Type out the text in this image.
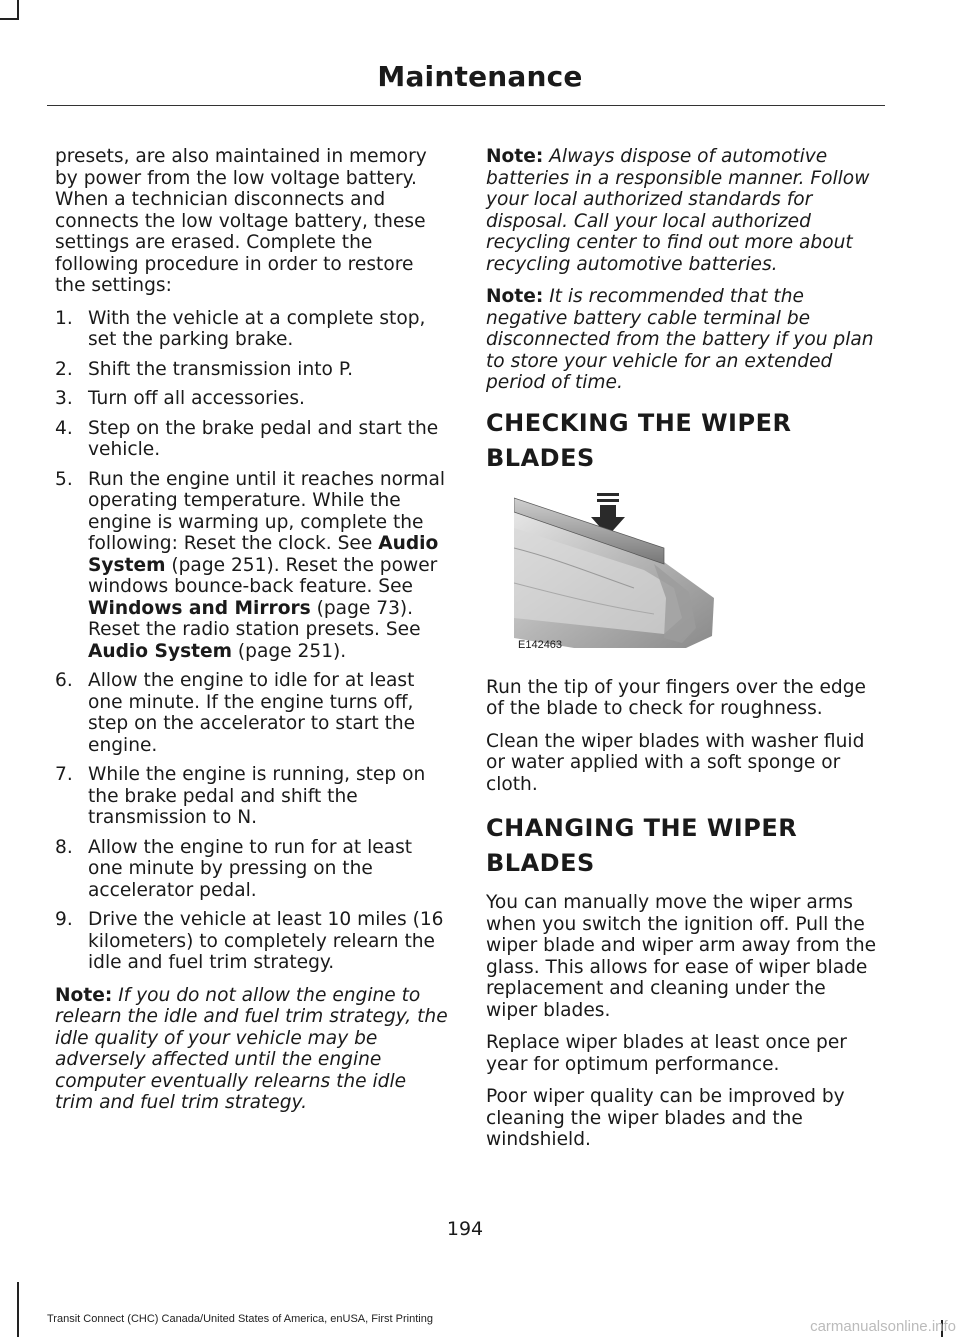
Maintenance

presets, are also maintained in memory by power from the low voltage battery. When a technician disconnects and connects the low voltage battery, these settings are erased. Complete the following procedure in order to restore the settings:

1. With the vehicle at a complete stop, set the parking brake.
2. Shift the transmission into P.
3. Turn off all accessories.
4. Step on the brake pedal and start the vehicle.
5. Run the engine until it reaches normal operating temperature. While the engine is warming up, complete the following: Reset the clock. See Audio System (page 251). Reset the power windows bounce-back feature. See Windows and Mirrors (page 73). Reset the radio station presets. See Audio System (page 251).
6. Allow the engine to idle for at least one minute. If the engine turns off, step on the accelerator to start the engine.
7. While the engine is running, step on the brake pedal and shift the transmission to N.
8. Allow the engine to run for at least one minute by pressing on the accelerator pedal.
9. Drive the vehicle at least 10 miles (16 kilometers) to completely relearn the idle and fuel trim strategy.

Note: If you do not allow the engine to relearn the idle and fuel trim strategy, the idle quality of your vehicle may be adversely affected until the engine computer eventually relearns the idle trim and fuel trim strategy.

Note: Always dispose of automotive batteries in a responsible manner. Follow your local authorized standards for disposal. Call your local authorized recycling center to find out more about recycling automotive batteries.

Note: It is recommended that the negative battery cable terminal be disconnected from the battery if you plan to store your vehicle for an extended period of time.

CHECKING THE WIPER
BLADES
E142463

Run the tip of your fingers over the edge of the blade to check for roughness.

Clean the wiper blades with washer fluid or water applied with a soft sponge or cloth.

CHANGING THE WIPER
BLADES

You can manually move the wiper arms when you switch the ignition off. Pull the wiper blade and wiper arm away from the glass. This allows for ease of wiper blade replacement and cleaning under the wiper blades.

Replace wiper blades at least once per year for optimum performance.

Poor wiper quality can be improved by cleaning the wiper blades and the windshield.

194
Transit Connect (CHC) Canada/United States of America, enUSA, First Printing	carmanualsonline.info
